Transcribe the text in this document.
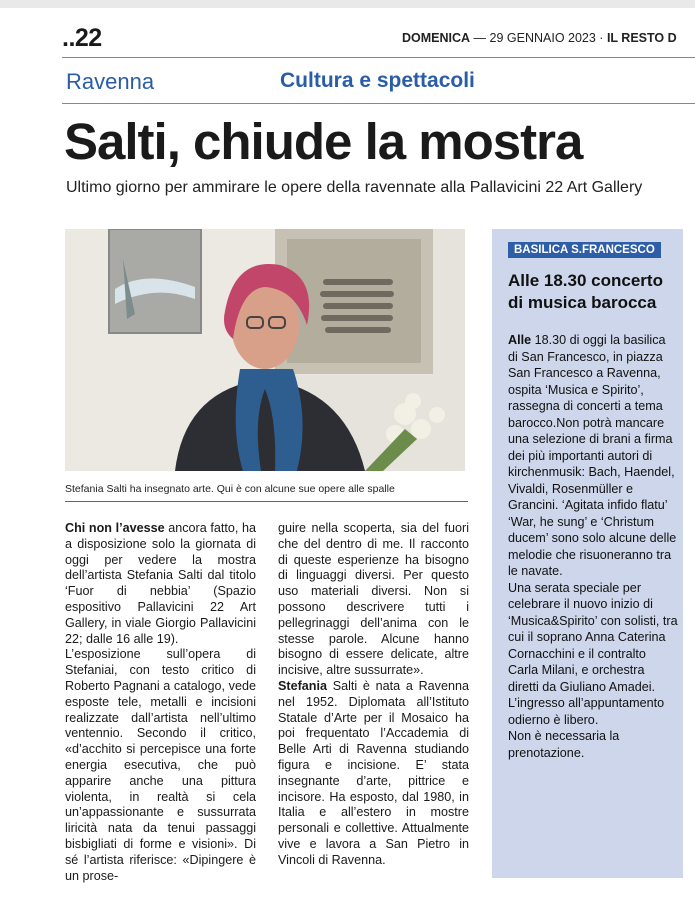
..22	DOMENICA — 29 GENNAIO 2023 · IL RESTO D
Ravenna	Cultura e spettacoli
Salti, chiude la mostra
Ultimo giorno per ammirare le opere della ravennate alla Pallavicini 22 Art Gallery
Stefania Salti ha insegnato arte. Qui è con alcune sue opere alle spalle

Chi non l’avesse ancora fatto, ha a disposizione solo la giornata di oggi per vedere la mostra dell’artista Stefania Salti dal titolo ‘Fuor di nebbia’ (Spazio espositivo Pallavicini 22 Art Gallery, in viale Giorgio Pallavicini 22; dalle 16 alle 19).

L’esposizione sull’opera di Stefaniai, con testo critico di Roberto Pagnani a catalogo, vede esposte tele, metalli e incisioni realizzate dall’artista nell’ultimo ventennio. Secondo il critico, «d’acchito si percepisce una forte energia esecutiva, che può apparire anche una pittura violenta, in realtà si cela un’appassionante e sussurrata liricità nata da tenui passaggi bisbigliati di forme e visioni». Di sé l’artista riferisce: «Dipingere è un prose-

guire nella scoperta, sia del fuori che del dentro di me. Il racconto di queste esperienze ha bisogno di linguaggi diversi. Per questo uso materiali diversi. Non si possono descrivere tutti i pellegrinaggi dell’anima con le stesse parole. Alcune hanno bisogno di essere delicate, altre incisive, altre sussurrate».

Stefania Salti è nata a Ravenna nel 1952. Diplomata all’Istituto Statale d’Arte per il Mosaico ha poi frequentato l’Accademia di Belle Arti di Ravenna studiando figura e incisione. E’ stata insegnante d’arte, pittrice e incisore. Ha esposto, dal 1980, in Italia e all’estero in mostre personali e collettive. Attualmente vive e lavora a San Pietro in Vincoli di Ravenna.

BASILICA S.FRANCESCO
Alle 18.30 concerto di musica barocca

Alle 18.30 di oggi la basilica di San Francesco, in piazza San Francesco a Ravenna, ospita ‘Musica e Spirito’, rassegna di concerti a tema barocco.Non potrà mancare una selezione di brani a firma dei più importanti autori di kirchenmusik: Bach, Haendel, Vivaldi, Rosenmüller e Grancini. ‘Agitata infido flatu’ ‘War, he sung’ e ‘Christum ducem’ sono solo alcune delle melodie che risuoneranno tra le navate.

Una serata speciale per celebrare il nuovo inizio di ‘Musica&Spirito’ con solisti, tra cui il soprano Anna Caterina Cornacchini e il contralto Carla Milani, e orchestra diretti da Giuliano Amadei. L’ingresso all’appuntamento odierno è libero.

Non è necessaria la prenotazione.
